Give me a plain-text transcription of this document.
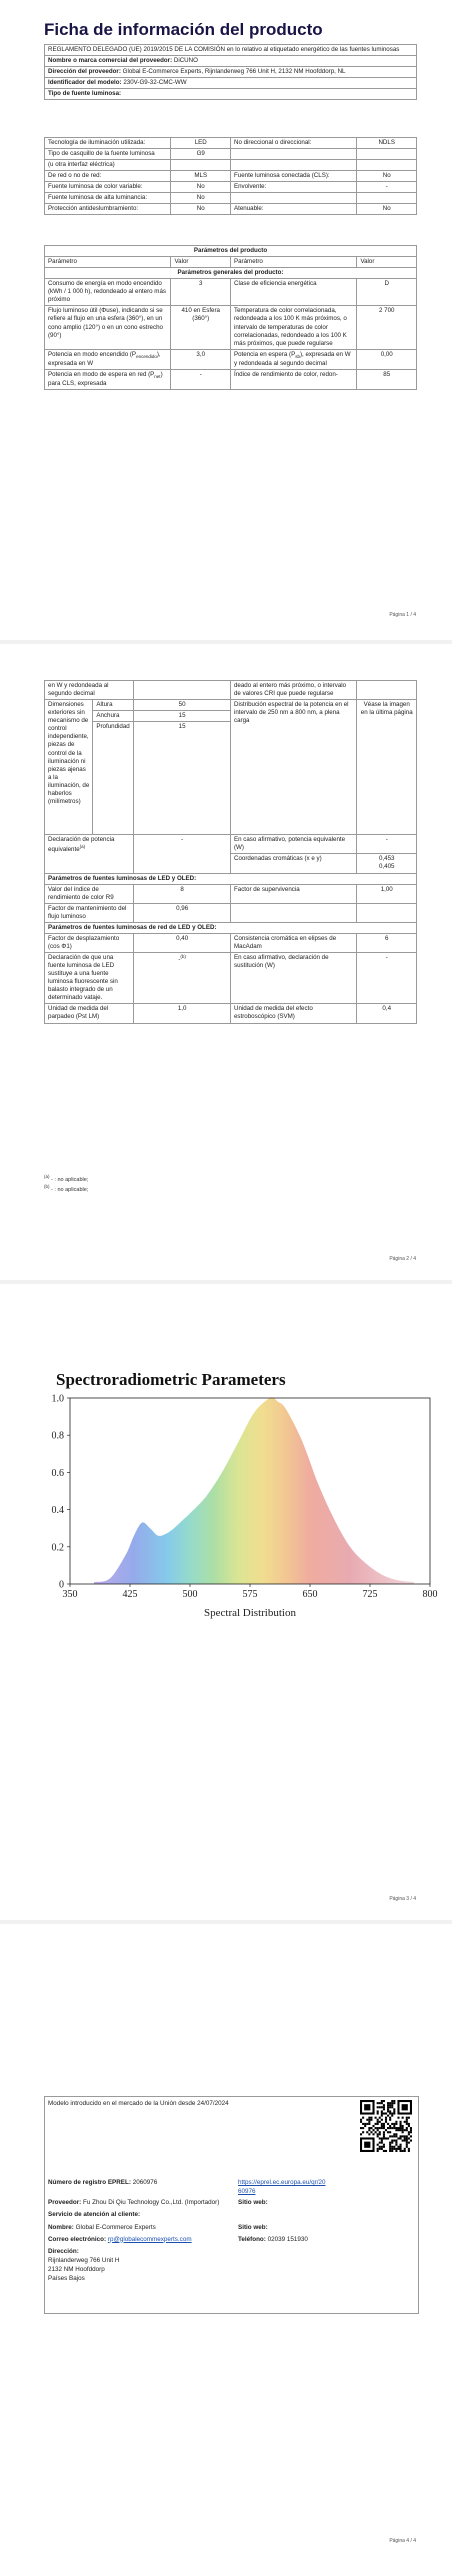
Ficha de información del producto
REGLAMENTO DELEGADO (UE) 2019/2015 DE LA COMISIÓN en lo relativo al etiquetado energético de las fuentes luminosas
Nombre o marca comercial del proveedor: DiCUNO
Dirección del proveedor: Global E-Commerce Experts, Rijnlanderweg 766 Unit H, 2132 NM Hoofddorp, NL
Identificador del modelo: 230V-G9-32-CMC-WW
Tipo de fuente luminosa:
Tecnología de iluminación utilizada:	LED	No direccional o direccional:	NDLS
Tipo de casquillo de la fuente luminosa	G9		
(u otra interfaz eléctrica)			
De red o no de red:	MLS	Fuente luminosa conectada (CLS):	No
Fuente luminosa de color variable:	No	Envolvente:	-
Fuente luminosa de alta luminancia:	No		
Protección antideslumbramiento:	No	Atenuable:	No
Parámetros del producto			
Parámetro	Valor	Parámetro	Valor
Parámetros generales del producto:			
Consumo de energía en modo encendido (kWh / 1 000 h), redondeado al entero más próximo	3	Clase de eficiencia energética	D
Flujo luminoso útil (Φuse), indicando si se refiere al flujo en una esfera (360°), en un cono amplio (120°) o en un cono estrecho (90°)	410 en Esfera (360°)	Temperatura de color correlacionada, redondeada a los 100 K más próximos, o intervalo de temperaturas de color correlacionadas, redondeado a los 100 K más próximos, que puede regularse	2 700
Potencia en modo encendido $(P_{encendido})$, expresada en W	3,0	Potencia en espera $(P_{sb})$, expresada en W y redondeada al segundo decimal	0,00
Potencia en modo de espera en red $(P_{net})$ para CLS, expresada	-	Índice de rendimiento de color, redon-	85
Página 1 / 4
en W y redondeada al segundo decimal			deado al entero más próximo, o intervalo de valores CRI que puede regularse	
Dimensiones exteriores sin mecanismo de control independiente, piezas de control de la iluminación ni piezas ajenas a la iluminación, de haberlos (milímetros)	Altura	50	Distribución espectral de la potencia en el intervalo de 250 nm a 800 nm, a plena carga	Véase la imagen en la última página
	Anchura	15		
	Profundidad	15		
Declaración de potencia equivalente$^{(a)}$		-	En caso afirmativo, potencia equivalente (W)	-
			Coordenadas cromáticas (x e y)	0,453
0,405
Parámetros de fuentes luminosas de LED y OLED:				
Valor del índice de rendimiento de color R9		8	Factor de supervivencia	1,00
Factor de mantenimiento del flujo luminoso		0,96		
Parámetros de fuentes luminosas de red de LED y OLED:				
Factor de desplazamiento (cos Φ1)		0,40	Consistencia cromática en elipses de MacAdam	6
Declaración de que una fuente luminosa de LED sustituye a una fuente luminosa fluorescente sin balasto integrado de un determinado vataje.		-$^{(b)}$	En caso afirmativo, declaración de sustitución (W)	-
Unidad de medida del parpadeo (Pst LM)		1,0	Unidad de medida del efecto estroboscópico (SVM)	0,4
$^{(a)}$ - : no aplicable;
$^{(b)}$ - : no aplicable;
Página 2 / 4
Spectroradiometric Parameters
350	425	500	575	650	725	800
0
0.2
0.4
0.6
0.8
1.0
Spectral Distribution
Página 3 / 4
Modelo introducido en el mercado de la Unión desde 24/07/2024
Número de registro EPREL: 2060976	https://eprel.ec.europa.eu/qr/2060976
Proveedor: Fu Zhou Di Qiu Technology Co.,Ltd. (Importador)	Sitio web:
Servicio de atención al cliente:
Nombre: Global E-Commerce Experts	Sitio web:
Correo electrónico: rp@globalecommexperts.com	Teléfono: 02039 151930
Dirección:
Rijnlanderweg 766 Unit H
2132 NM Hoofddorp
Países Bajos
Página 4 / 4
